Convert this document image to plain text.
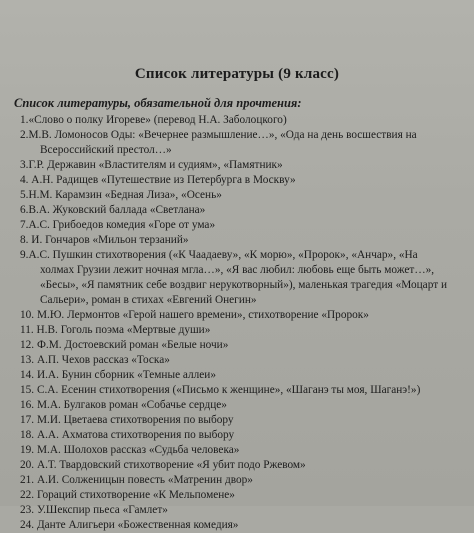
Список литературы (9 класс)
Список литературы, обязательной для прочтения:
1.«Слово о полку Игореве» (перевод Н.А. Заболоцкого)
2.М.В. Ломоносов Оды: «Вечернее размышление…», «Ода на день восшествия на
Всероссийский престол…»
3.Г.Р. Державин «Властителям и судиям», «Памятник»
4. А.Н. Радищев «Путешествие из Петербурга в Москву»
5.Н.М. Карамзин «Бедная Лиза», «Осень»
6.В.А. Жуковский баллада «Светлана»
7.А.С. Грибоедов комедия «Горе от ума»
8. И. Гончаров «Мильон терзаний»
9.А.С. Пушкин стихотворения («К Чаадаеву», «К морю», «Пророк», «Анчар», «На
холмах Грузии лежит ночная мгла…», «Я вас любил: любовь еще быть может…»,
«Бесы», «Я памятник себе воздвиг нерукотворный»), маленькая трагедия «Моцарт и
Сальери», роман в стихах «Евгений Онегин»
10. М.Ю. Лермонтов «Герой нашего времени», стихотворение «Пророк»
11. Н.В. Гоголь поэма «Мертвые души»
12. Ф.М. Достоевский роман «Белые ночи»
13. А.П. Чехов рассказ «Тоска»
14. И.А. Бунин сборник «Темные аллеи»
15. С.А. Есенин стихотворения («Письмо к женщине», «Шаганэ ты моя, Шаганэ!»)
16. М.А. Булгаков роман «Собачье сердце»
17. М.И. Цветаева стихотворения по выбору
18. А.А. Ахматова стихотворения по выбору
19. М.А. Шолохов рассказ «Судьба человека»
20. А.Т. Твардовский стихотворение «Я убит подо Ржевом»
21. А.И. Солженицын повесть «Матренин двор»
22. Гораций стихотворение «К Мельпомене»
23. У.Шекспир пьеса «Гамлет»
24. Данте Алигьери «Божественная комедия»
